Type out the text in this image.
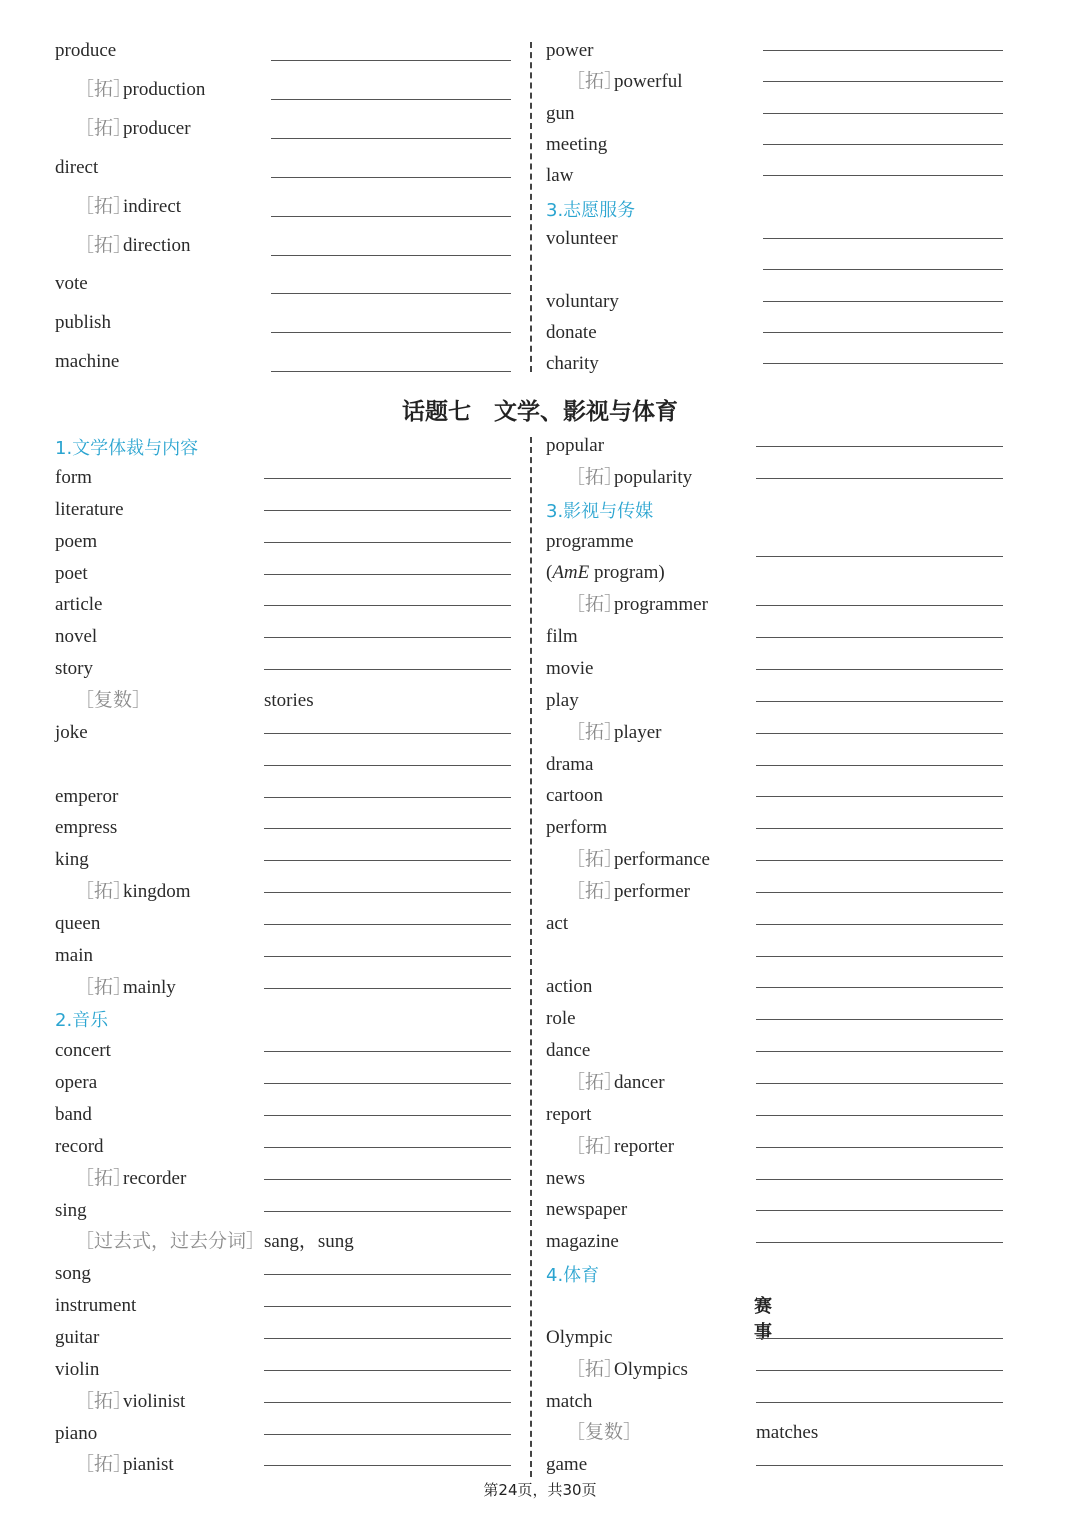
produce
［拓］
production
［拓］
producer
direct
［拓］
indirect
［拓］
direction
vote
publish
machine
power
［拓］
powerful
gun
meeting
law
3.志愿服务
volunteer
voluntary
donate
charity
话题七　文学、影视与体育
1.文学体裁与内容
form
literature
poem
poet
article
novel
story
［复数］	stories
joke
emperor
empress
king
［拓］
kingdom
queen
main
［拓］
mainly
2.音乐
concert
opera
band
record
［拓］
recorder
sing
［过去式，过去分词］
sang，sung
song
instrument
guitar
violin
［拓］
violinist
piano
［拓］
pianist
popular
［拓］
popularity
3.影视与传媒
programme
(AmE program)
［拓］
programmer
film
movie
play
［拓］
player
drama
cartoon
perform
［拓］
performance
［拓］
performer
act
action
role
dance
［拓］
dancer
report
［拓］
reporter
news
newspaper
magazine
4.体育
赛事
Olympic
［拓］
Olympics
match
［复数］	matches
game
第24页，共30页
